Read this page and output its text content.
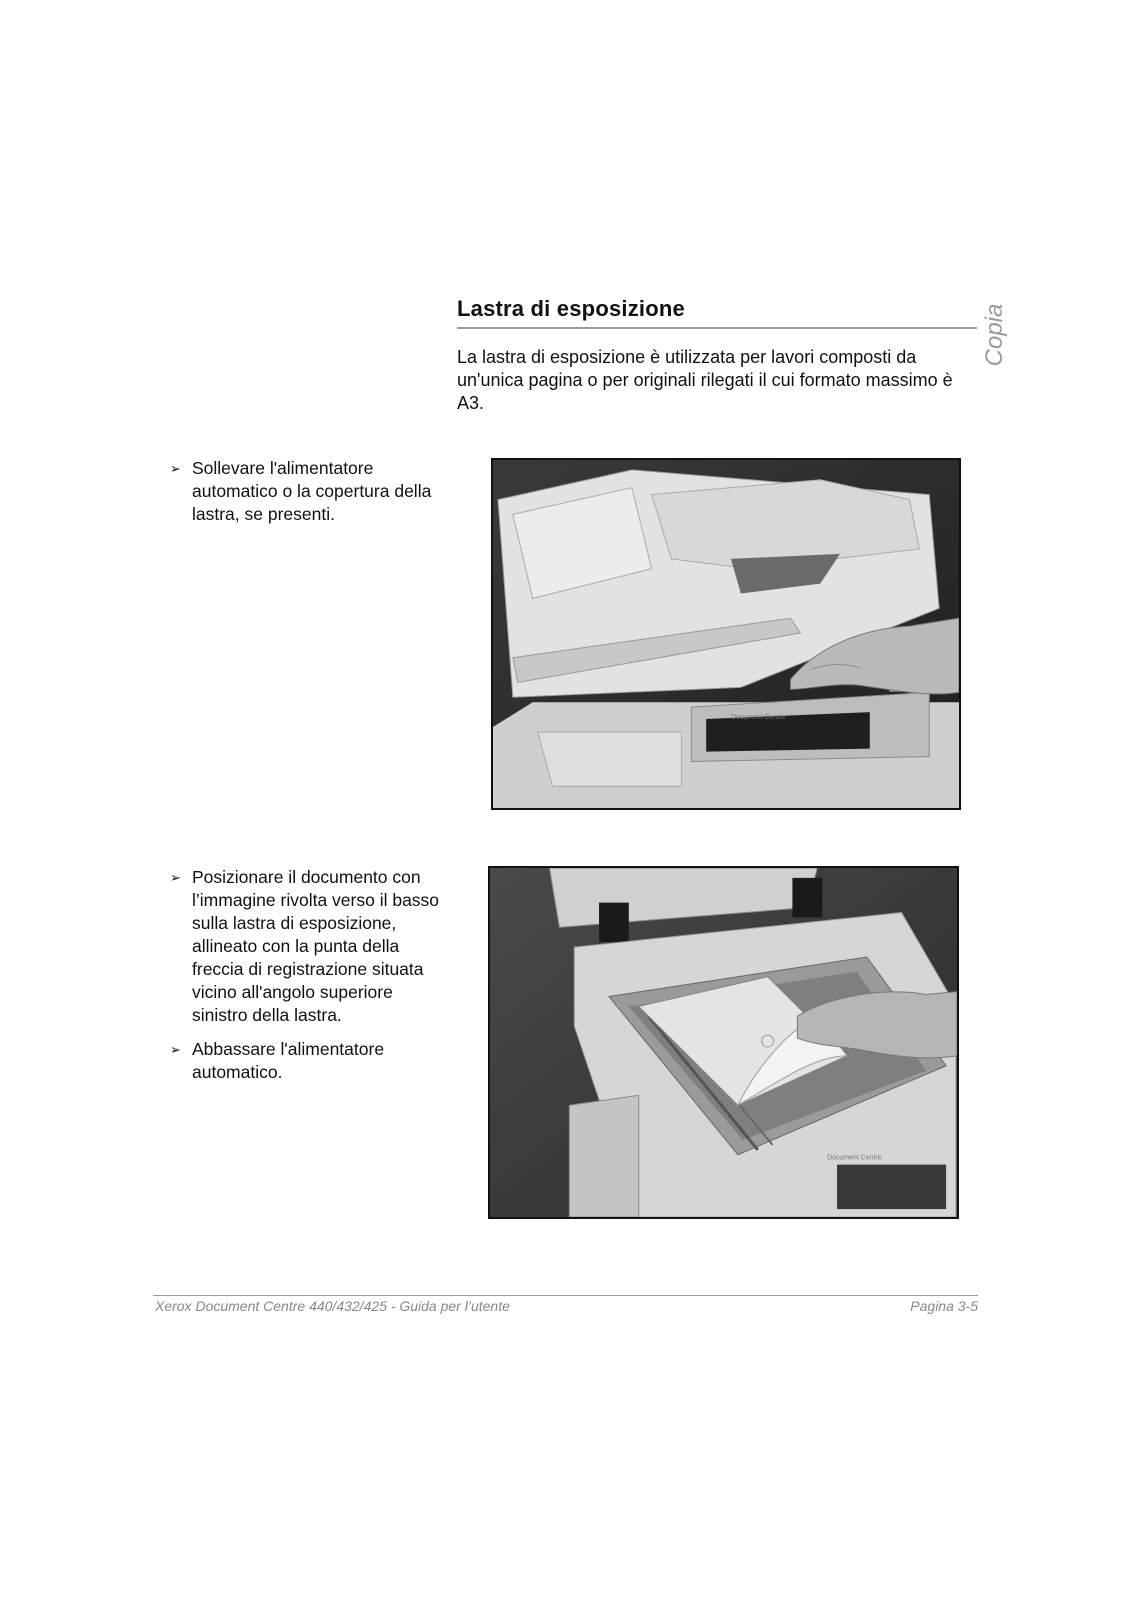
Lastra di esposizione	Copia

La lastra di esposizione è utilizzata per lavori composti da un'unica pagina o per originali rilegati il cui formato massimo è A3.

➢ Sollevare l'alimentatore automatico o la copertura della lastra, se presenti.
Document Centre
➢ Posizionare il documento con l’immagine rivolta verso il basso sulla lastra di esposizione, allineato con la punta della freccia di registrazione situata vicino all'angolo superiore sinistro della lastra.
➢ Abbassare l'alimentatore automatico.
Document Centre
Xerox Document Centre 440/432/425 - Guida per l’utente	Pagina 3-5
